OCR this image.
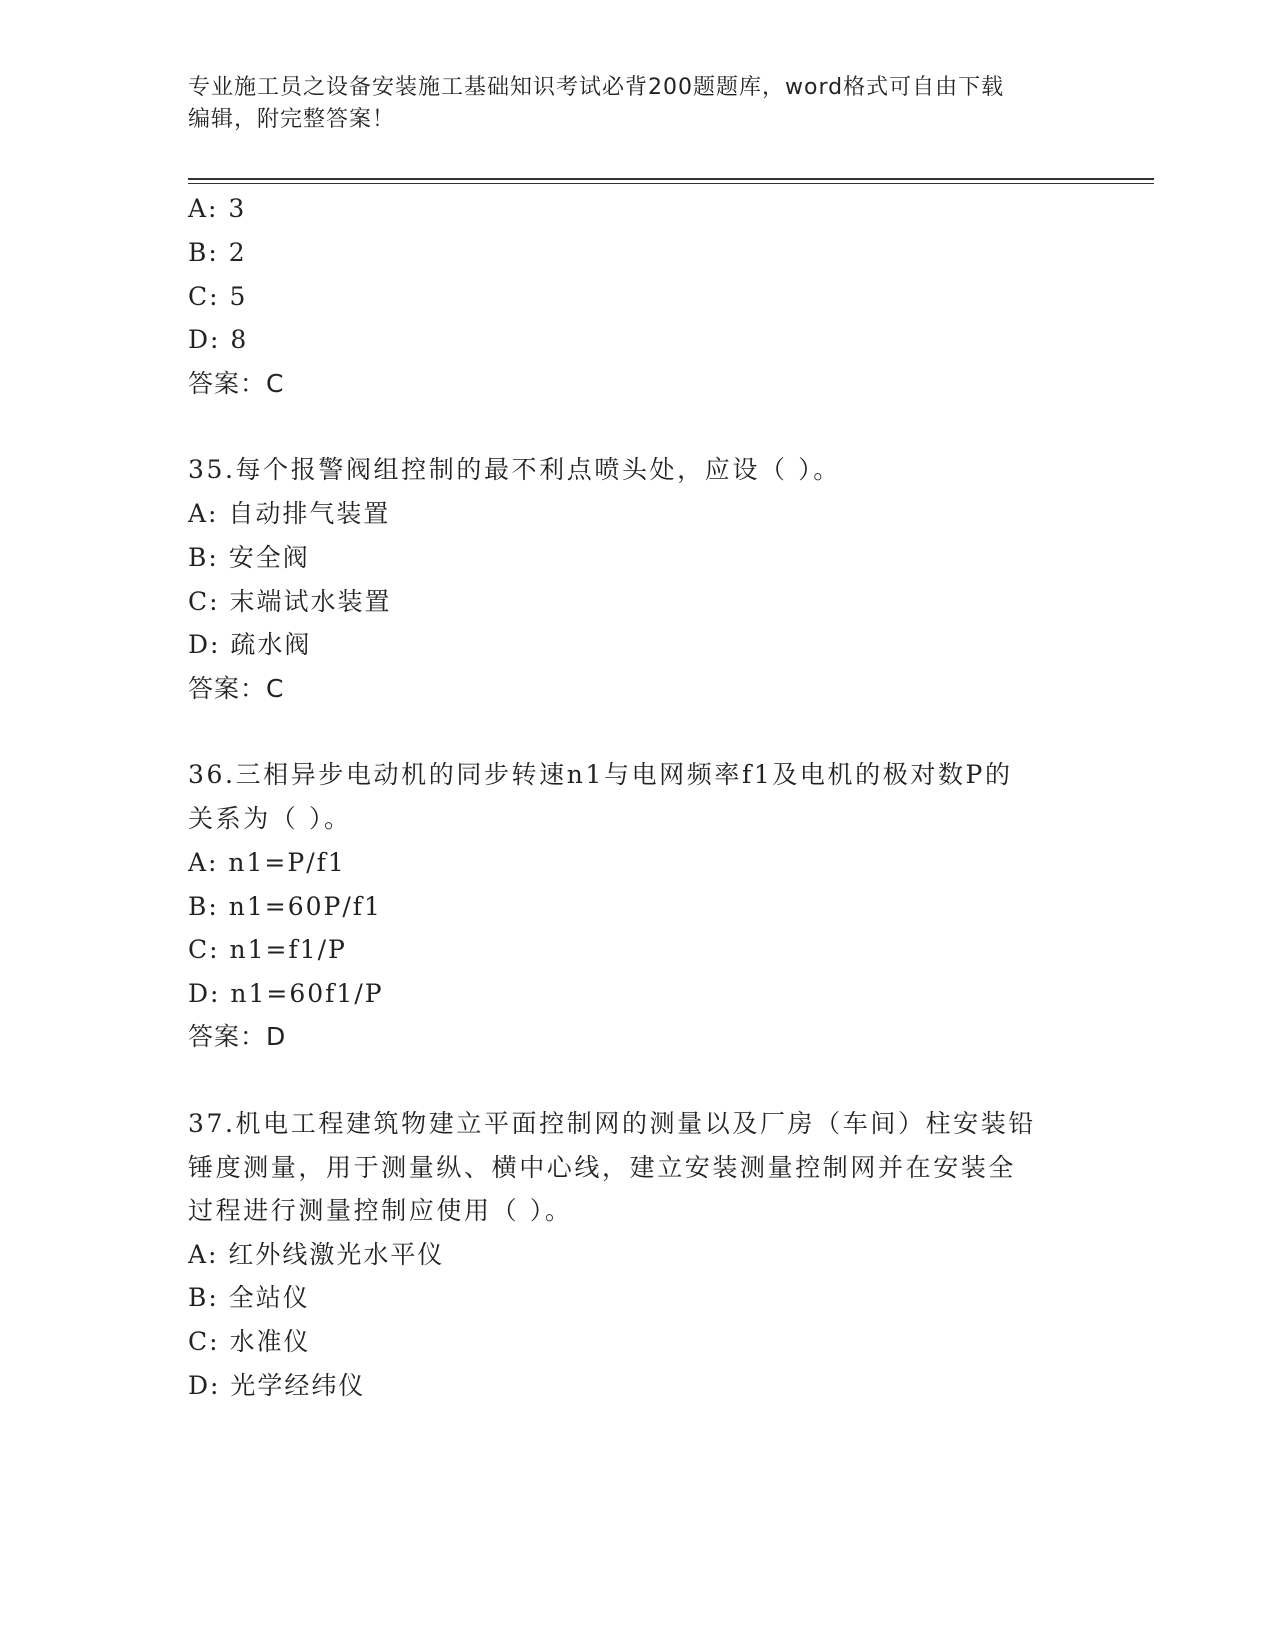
专业施工员之设备安装施工基础知识考试必背200题题库，word格式可自由下载
编辑，附完整答案！
A: 3
B: 2
C: 5
D: 8
答案：C
35.每个报警阀组控制的最不利点喷头处，应设（ ）。
A: 自动排气装置
B: 安全阀
C: 末端试水装置
D: 疏水阀
答案：C
36.三相异步电动机的同步转速n1与电网频率f1及电机的极对数P的
关系为（ ）。
A: n1=P/f1
B: n1=60P/f1
C: n1=f1/P
D: n1=60f1/P
答案：D
37.机电工程建筑物建立平面控制网的测量以及厂房（车间）柱安装铅
锤度测量，用于测量纵、横中心线，建立安装测量控制网并在安装全
过程进行测量控制应使用（ ）。
A: 红外线激光水平仪
B: 全站仪
C: 水准仪
D: 光学经纬仪
